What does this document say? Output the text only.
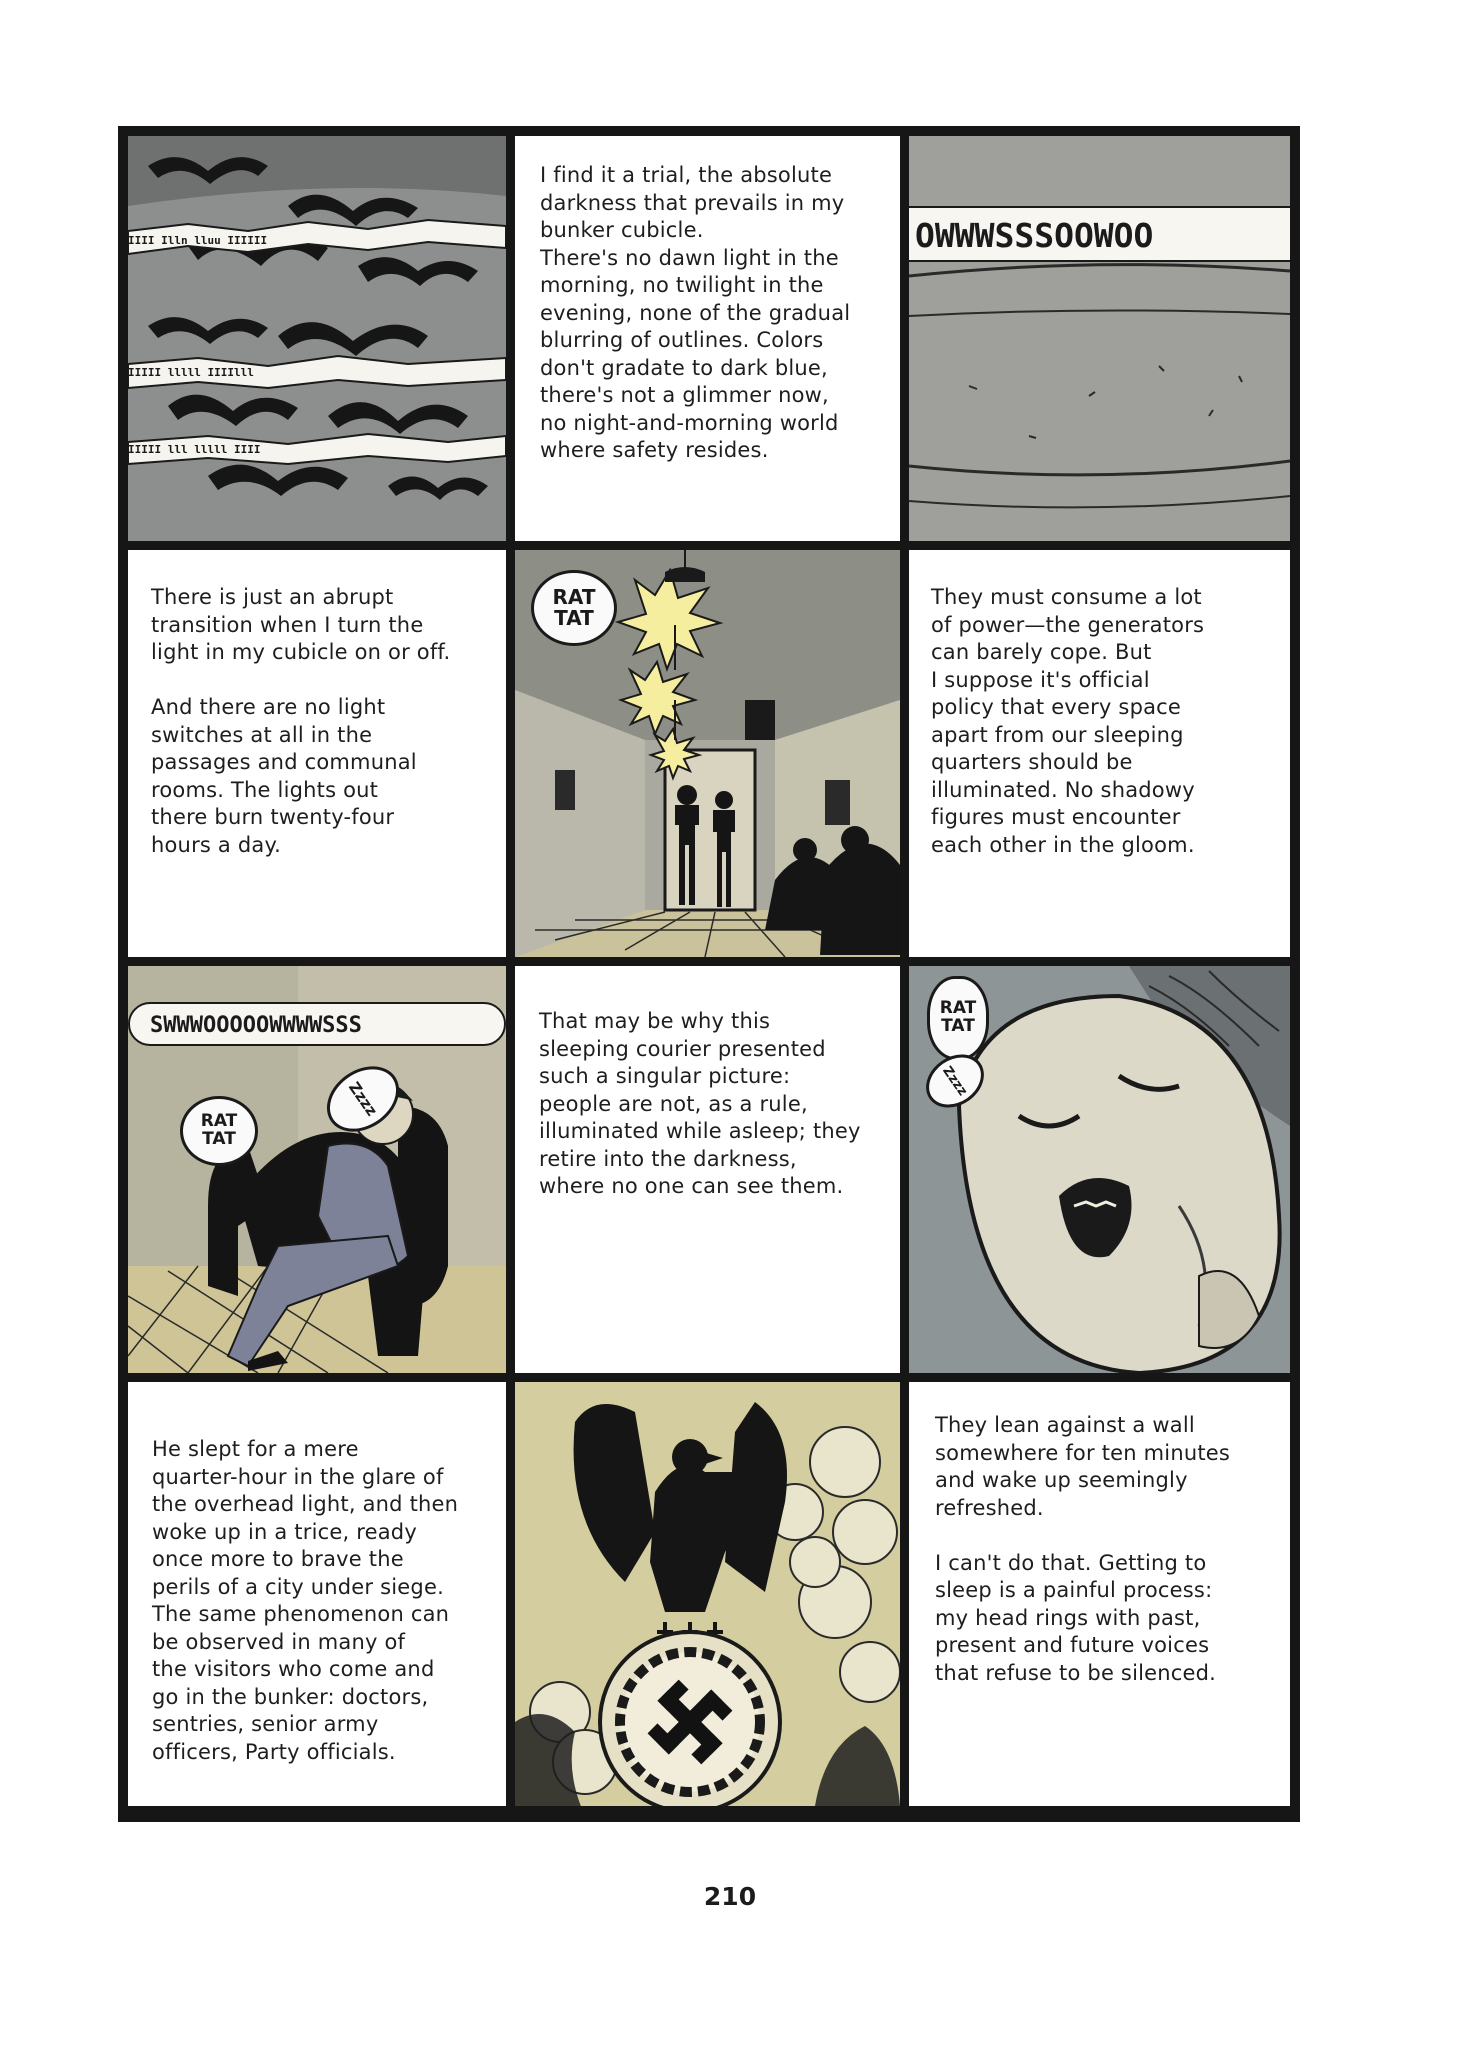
IIII Illn lluu IIIIII
IIIII lllll IIIIlll
IIIII lll lllll IIII

I find it a trial, the absolute
darkness that prevails in my
bunker cubicle.
There's no dawn light in the
morning, no twilight in the
evening, none of the gradual
blurring of outlines. Colors
don't gradate to dark blue,
there's not a glimmer now,
no night-and-morning world
where safety resides.

OWWWSSSOOWOO

There is just an abrupt
transition when I turn the
light in my cubicle on or off.

And there are no light
switches at all in the
passages and communal
rooms. The lights out
there burn twenty-four
hours a day.

RAT
TAT

They must consume a lot
of power—the generators
can barely cope. But
I suppose it's official
policy that every space
apart from our sleeping
quarters should be
illuminated. No shadowy
figures must encounter
each other in the gloom.

SWWWOOOOOWWWWSSS
RAT
TAT
Zzzz

That may be why this
sleeping courier presented
such a singular picture:
people are not, as a rule,
illuminated while asleep; they
retire into the darkness,
where no one can see them.

RAT
TAT
Zzzz

He slept for a mere
quarter-hour in the glare of
the overhead light, and then
woke up in a trice, ready
once more to brave the
perils of a city under siege.
The same phenomenon can
be observed in many of
the visitors who come and
go in the bunker: doctors,
sentries, senior army
officers, Party officials.

They lean against a wall
somewhere for ten minutes
and wake up seemingly
refreshed.

I can't do that. Getting to
sleep is a painful process:
my head rings with past,
present and future voices
that refuse to be silenced.

210
